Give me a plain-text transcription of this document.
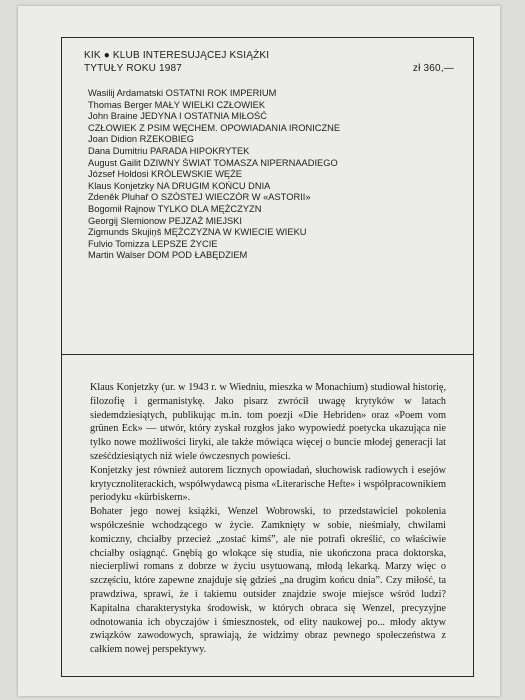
KIK ● KLUB INTERESUJĄCEJ KSIĄŻKI
TYTUŁY ROKU 1987	zł 360,—
Wasilij Ardamatski OSTATNI ROK IMPERIUM
Thomas Berger MAŁY WIELKI CZŁOWIEK
John Braine JEDYNA I OSTATNIA MIŁOŚĆ
CZŁOWIEK Z PSIM WĘCHEM. OPOWIADANIA IRONICZNE
Joan Didion RZEKOBIEG
Dana Dumitriu PARADA HIPOKRYTEK
August Gailit DZIWNY ŚWIAT TOMASZA NIPERNAADIEGO
József Holdosi KRÓLEWSKIE WĘŻE
Klaus Konjetzky NA DRUGIM KOŃCU DNIA
Zdeněk Pluhař O SZÓSTEJ WIECZÓR W «ASTORII»
Bogomił Rajnow TYLKO DLA MĘŻCZYZN
Georgij Slemionow PEJZAŻ MIEJSKI
Zigmunds Skujiņš MĘŻCZYZNA W KWIECIE WIEKU
Fulvio Tomizza LEPSZE ŻYCIE
Martin Walser DOM POD ŁABĘDZIEM

Klaus Konjetzky (ur. w 1943 r. w Wiedniu, mieszka w Monachium) studiował historię, filozofię i germanistykę. Jako pisarz zwrócił uwagę krytyków w latach siedemdziesiątych, publikując m.in. tom poezji «Die Hebriden» oraz «Poem vom grünen Eck» — utwór, który zyskał rozgłos jako wypowiedź poetycka ukazująca nie tylko nowe możliwości liryki, ale także mówiąca więcej o buncie młodej generacji lat sześćdziesiątych niż wiele ówczesnych powieści.

Konjetzky jest również autorem licznych opowiadań, słuchowisk radiowych i esejów krytycznoliterackich, współwydawcą pisma «Literarische Hefte» i współpracownikiem periodyku «kürbiskern».

Bohater jego nowej książki, Wenzel Wobrowski, to przedstawiciel pokolenia współcześnie wchodzącego w życie. Zamknięty w sobie, nieśmiały, chwilami komiczny, chciałby przecież „zostać kimś”, ale nie potrafi określić, co właściwie chciałby osiągnąć. Gnębią go wlokące się studia, nie ukończona praca doktorska, niecierpliwi romans z dobrze w życiu usytuowaną, młodą lekarką. Marzy więc o szczęściu, które zapewne znajduje się gdzieś „na drugim końcu dnia”. Czy miłość, ta prawdziwa, sprawi, że i takiemu outsider znajdzie swoje miejsce wśród ludzi? Kapitalna charakterystyka środowisk, w których obraca się Wenzel, precyzyjne odnotowania ich obyczajów i śmiesznostek, od elity naukowej po... młody aktyw związków zawodowych, sprawiają, że widzimy obraz pewnego społeczeństwa z całkiem nowej perspektywy.
